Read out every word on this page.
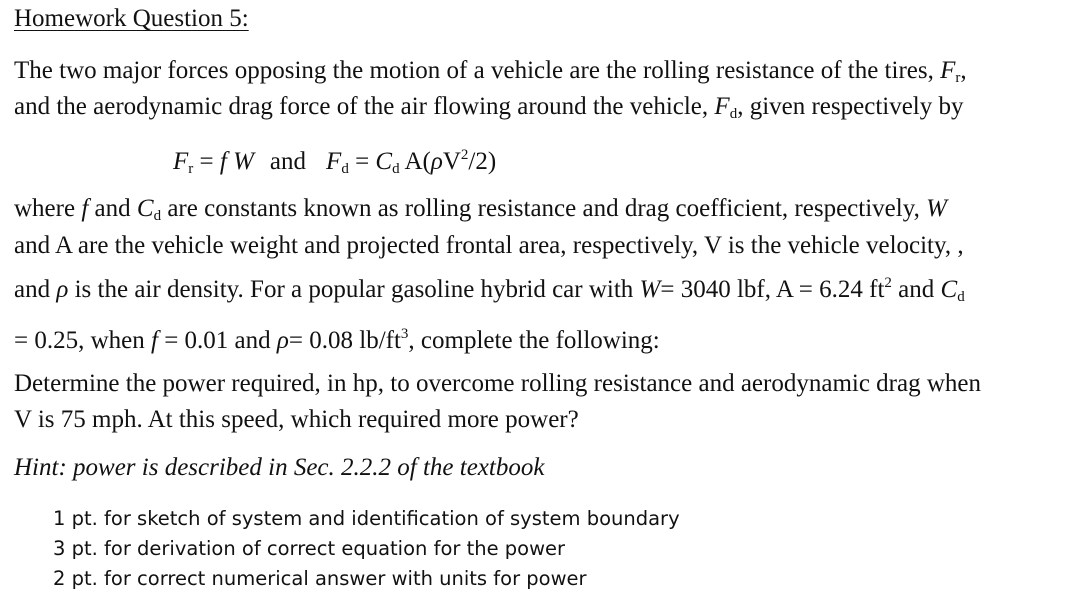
Homework Question 5:
The two major forces opposing the motion of a vehicle are the rolling resistance of the tires, $F_r$,
and the aerodynamic drag force of the air flowing around the vehicle, $F_d$, given respectively by
$F_r = f$ W and $F_d = C_d$ $A(\rho V^2/2)$
where f and $C_d$ are constants known as rolling resistance and drag coefficient, respectively, W
and A are the vehicle weight and projected frontal area, respectively, V is the vehicle velocity, ,
and ρ is the air density. For a popular gasoline hybrid car with W= 3040 lbf, A = 6.24 $ft^2$ and $C_d$
= 0.25, when f = 0.01 and ρ= 0.08 $lb/ft^3$, complete the following:
Determine the power required, in hp, to overcome rolling resistance and aerodynamic drag when
V is 75 mph. At this speed, which required more power?
Hint: power is described in Sec. 2.2.2 of the textbook
1 pt. for sketch of system and identification of system boundary
3 pt. for derivation of correct equation for the power
2 pt. for correct numerical answer with units for power
